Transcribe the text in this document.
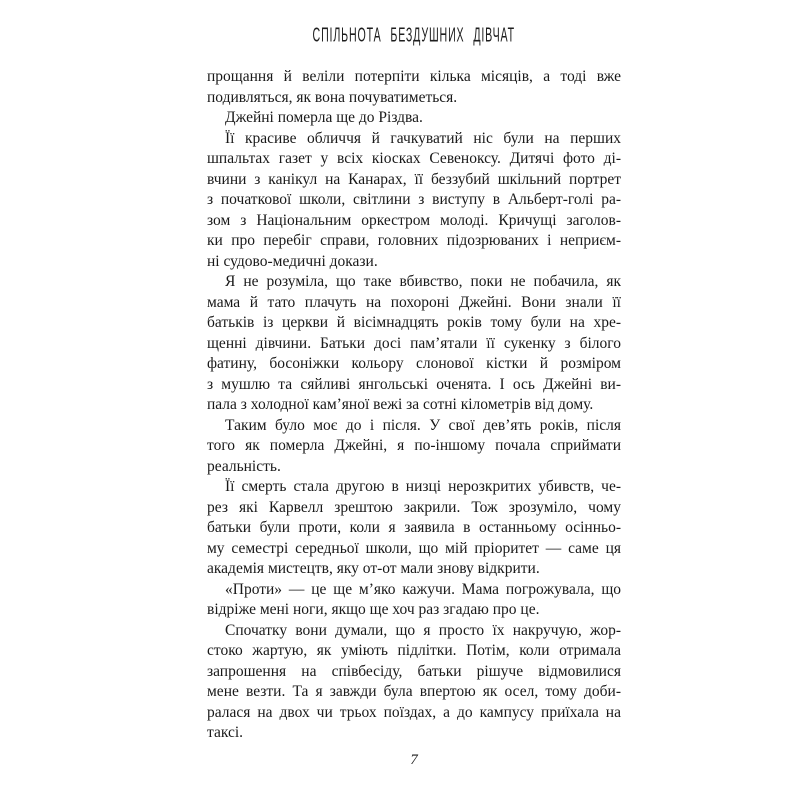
СПІЛЬНОТА БЕЗДУШНИХ ДІВЧАТ
прощання й веліли потерпіти кілька місяців, а тоді вже
подивляться, як вона почуватиметься.
Джейні померла ще до Різдва.
Її красиве обличчя й гачкуватий ніс були на перших
шпальтах газет у всіх кіосках Севеноксу. Дитячі фото ді-
вчини з канікул на Канарах, її беззубий шкільний портрет
з початкової школи, світлини з виступу в Альберт-голі ра-
зом з Національним оркестром молоді. Кричущі заголов-
ки про перебіг справи, головних підозрюваних і неприєм-
ні судово-медичні докази.
Я не розуміла, що таке вбивство, поки не побачила, як
мама й тато плачуть на похороні Джейні. Вони знали її
батьків із церкви й вісімнадцять років тому були на хре-
щенні дівчини. Батьки досі пам’ятали її сукенку з білого
фатину, босоніжки кольору слонової кістки й розміром
з мушлю та сяйливі янгольські оченята. І ось Джейні ви-
пала з холодної кам’яної вежі за сотні кілометрів від дому.
Таким було моє до і після. У свої дев’ять років, після
того як померла Джейні, я по-іншому почала сприймати
реальність.
Її смерть стала другою в низці нерозкритих убивств, че-
рез які Карвелл зрештою закрили. Тож зрозуміло, чому
батьки були проти, коли я заявила в останньому осінньо-
му семестрі середньої школи, що мій пріоритет — саме ця
академія мистецтв, яку от-от мали знову відкрити.
«Проти» — це ще м’яко кажучи. Мама погрожувала, що
відріже мені ноги, якщо ще хоч раз згадаю про це.
Спочатку вони думали, що я просто їх накручую, жор-
стоко жартую, як уміють підлітки. Потім, коли отримала
запрошення на співбесіду, батьки рішуче відмовилися
мене везти. Та я завжди була впертою як осел, тому доби-
ралася на двох чи трьох поїздах, а до кампусу приїхала на
таксі.
7
